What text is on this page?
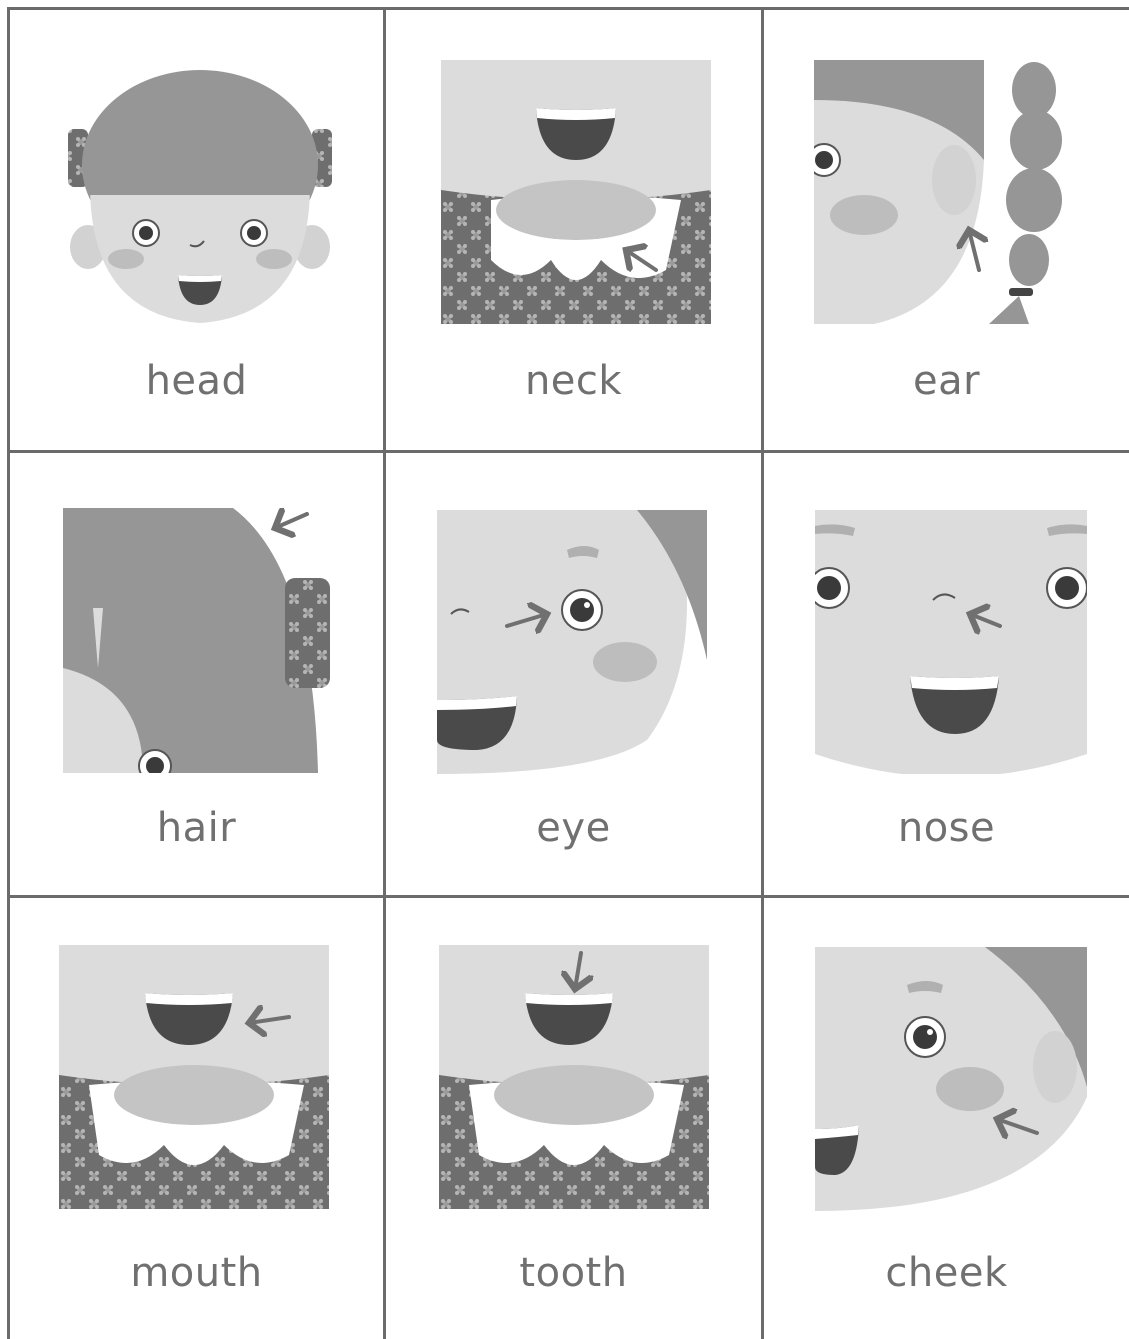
head	neck	ear
hair	eye	nose
mouth	tooth	cheek
